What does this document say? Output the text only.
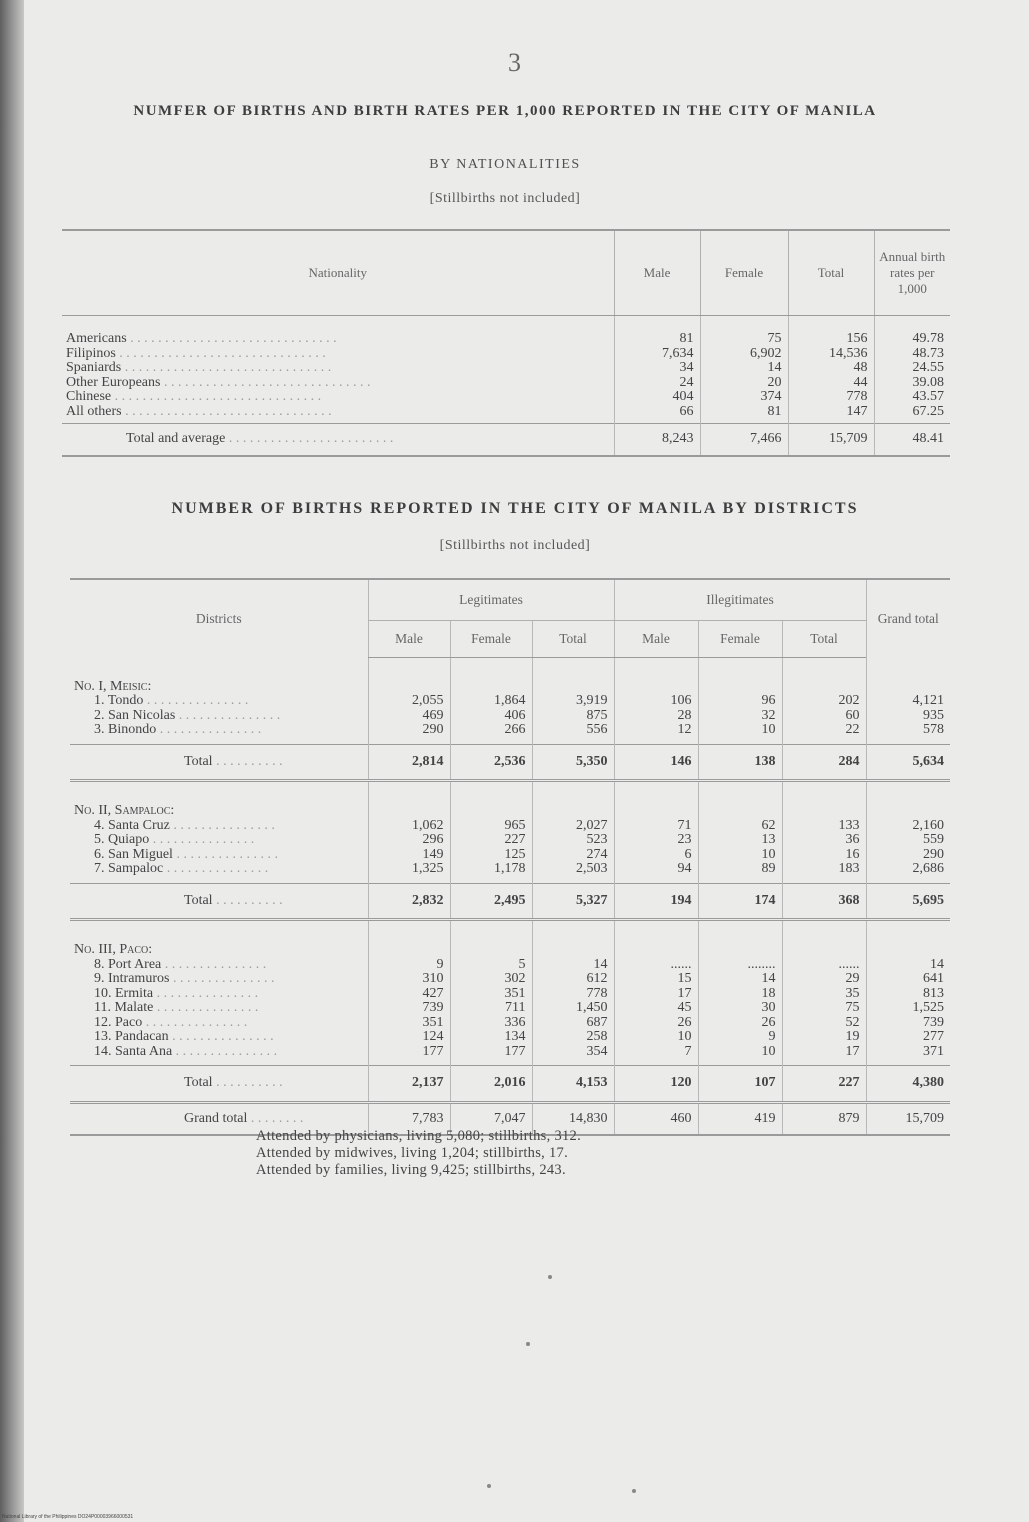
3
NUMFER OF BIRTHS AND BIRTH RATES PER 1,000 REPORTED IN THE CITY OF MANILA
BY NATIONALITIES
[Stillbirths not included]
Nationality	Male	Female	Total	Annual birth rates per 1,000
Americans . . . . . . . . . . . . . . . . . . . . . . . . . . . . . .	81	75	156	49.78
Filipinos . . . . . . . . . . . . . . . . . . . . . . . . . . . . . .	7,634	6,902	14,536	48.73
Spaniards . . . . . . . . . . . . . . . . . . . . . . . . . . . . . .	34	14	48	24.55
Other Europeans . . . . . . . . . . . . . . . . . . . . . . . . . . . . . .	24	20	44	39.08
Chinese . . . . . . . . . . . . . . . . . . . . . . . . . . . . . .	404	374	778	43.57
All others . . . . . . . . . . . . . . . . . . . . . . . . . . . . . .	66	81	147	67.25
Total and average . . . . . . . . . . . . . . . . . . . . . . . .	8,243	7,466	15,709	48.41
NUMBER OF BIRTHS REPORTED IN THE CITY OF MANILA BY DISTRICTS
[Stillbirths not included]
Districts	Legitimates			Illegitimates			Grand total
	Male	Female	Total	Male	Female	Total	
No. I, Meisic:							
1. Tondo . . . . . . . . . . . . . . .	2,055	1,864	3,919	106	96	202	4,121
2. San Nicolas . . . . . . . . . . . . . . .	469	406	875	28	32	60	935
3. Binondo . . . . . . . . . . . . . . .	290	266	556	12	10	22	578
Total . . . . . . . . . .	2,814	2,536	5,350	146	138	284	5,634
No. II, Sampaloc:							
4. Santa Cruz . . . . . . . . . . . . . . .	1,062	965	2,027	71	62	133	2,160
5. Quiapo . . . . . . . . . . . . . . .	296	227	523	23	13	36	559
6. San Miguel . . . . . . . . . . . . . . .	149	125	274	6	10	16	290
7. Sampaloc . . . . . . . . . . . . . . .	1,325	1,178	2,503	94	89	183	2,686
Total . . . . . . . . . .	2,832	2,495	5,327	194	174	368	5,695
No. III, Paco:							
8. Port Area . . . . . . . . . . . . . . .	9	5	14	......	........	......	14
9. Intramuros . . . . . . . . . . . . . . .	310	302	612	15	14	29	641
10. Ermita . . . . . . . . . . . . . . .	427	351	778	17	18	35	813
11. Malate . . . . . . . . . . . . . . .	739	711	1,450	45	30	75	1,525
12. Paco . . . . . . . . . . . . . . .	351	336	687	26	26	52	739
13. Pandacan . . . . . . . . . . . . . . .	124	134	258	10	9	19	277
14. Santa Ana . . . . . . . . . . . . . . .	177	177	354	7	10	17	371
Total . . . . . . . . . .	2,137	2,016	4,153	120	107	227	4,380
Grand total . . . . . . . .	7,783	7,047	14,830	460	419	879	15,709
Attended by physicians, living 5,080; stillbirths, 312.
Attended by midwives, living 1,204; stillbirths, 17.
Attended by families, living 9,425; stillbirths, 243.
National Library of the Philippines DO24P00003966000531
